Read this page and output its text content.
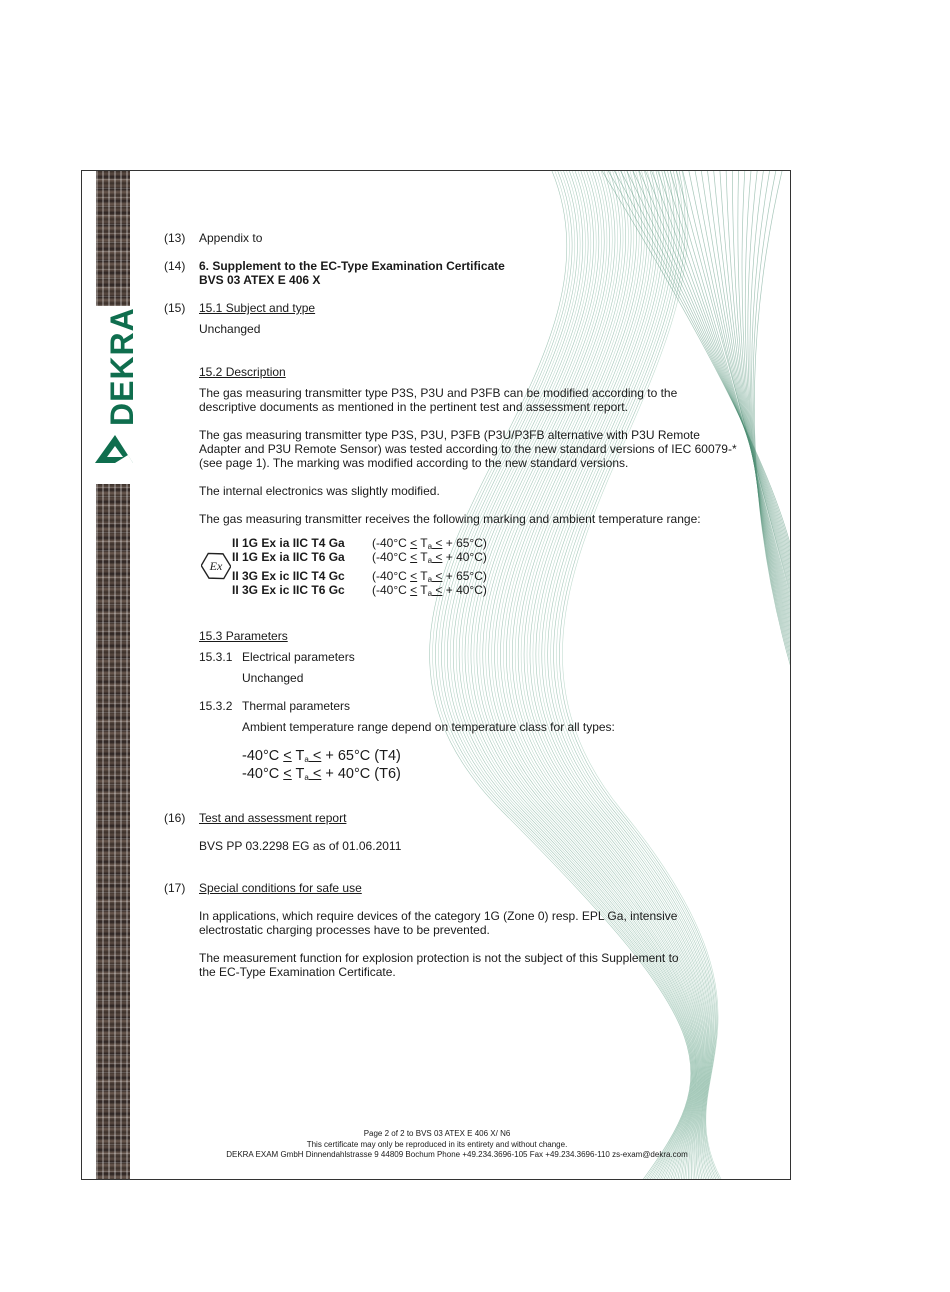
DEKRA
(13) Appendix to
(14) 6. Supplement to the EC-Type Examination Certificate
BVS 03 ATEX E 406 X
(15) 15.1 Subject and type
Unchanged
15.2 Description
The gas measuring transmitter type P3S, P3U and P3FB can be modified according to the
descriptive documents as mentioned in the pertinent test and assessment report.
The gas measuring transmitter type P3S, P3U, P3FB (P3U/P3FB alternative with P3U Remote
Adapter and P3U Remote Sensor) was tested according to the new standard versions of IEC 60079-*
(see page 1). The marking was modified according to the new standard versions.
The internal electronics was slightly modified.
The gas measuring transmitter receives the following marking and ambient temperature range:
Ex
II 1G Ex ia IIC T4 Ga ($-40^\circ C < T_a$ < + 65°C)
II 1G Ex ia IIC T6 Ga ($-40^\circ C < T_a$ < + 40°C)
II 3G Ex ic IIC T4 Gc ($-40^\circ C < T_a$ < + 65°C)
II 3G Ex ic IIC T6 Gc ($-40^\circ C < T_a$ < + 40°C)
15.3 Parameters
15.3.1 Electrical parameters
Unchanged
15.3.2 Thermal parameters
Ambient temperature range depend on temperature class for all types:
$-40^\circ C < T_a$ < + 65°C (T4)
$-40^\circ C < T_a$ < + 40°C (T6)
(16) Test and assessment report
BVS PP 03.2298 EG as of 01.06.2011
(17) Special conditions for safe use
In applications, which require devices of the category 1G (Zone 0) resp. EPL Ga, intensive
electrostatic charging processes have to be prevented.
The measurement function for explosion protection is not the subject of this Supplement to
the EC-Type Examination Certificate.
Page 2 of 2 to BVS 03 ATEX E 406 X/ N6
This certificate may only be reproduced in its entirety and without change.
DEKRA EXAM GmbH Dinnendahlstrasse 9 44809 Bochum Phone +49.234.3696-105 Fax +49.234.3696-110 zs-exam@dekra.com
